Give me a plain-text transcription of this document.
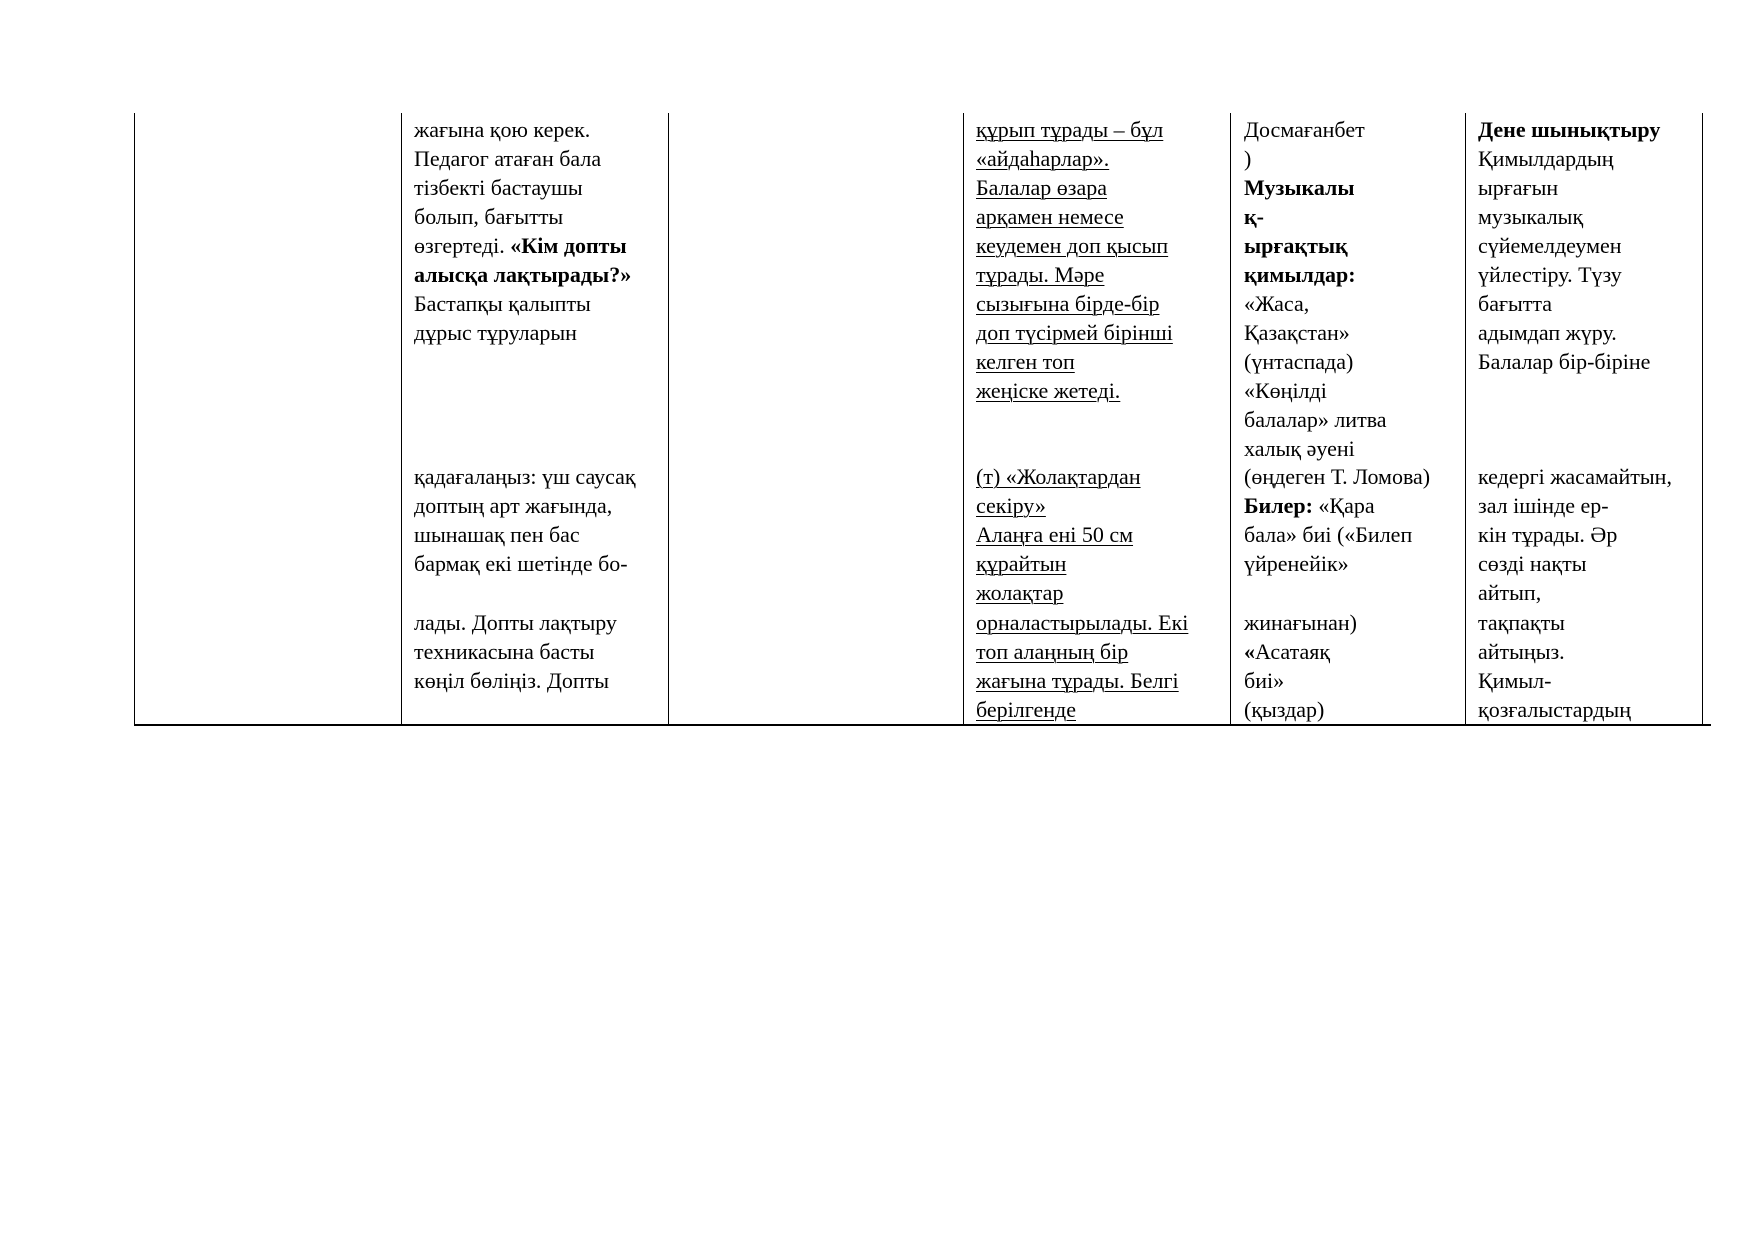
жағына қою керек.
Педагог атаған бала
тізбекті бастаушы
болып, бағытты
өзгертеді. «Кім допты
алысқа лақтырады?»
Бастапқы қалыпты
дұрыс тұруларын
қадағалаңыз: үш саусақ
доптың арт жағында,
шынашақ пен бас
бармақ екі шетінде бо-
лады. Допты лақтыру
техникасына басты
көңіл бөліңіз. Допты
құрып тұрады – бұл
«айдаһарлар».
Балалар өзара
арқамен немесе
кеудемен доп қысып
тұрады. Мәре
сызығына бірде-бір
доп түсірмей бірінші
келген топ
жеңіске жетеді.
(т) «Жолақтардан
секіру»
Алаңға ені 50 см
құрайтын
жолақтар
орналастырылады. Екі
топ алаңның бір
жағына тұрады. Белгі
берілгенде
Досмағанбет
)
Музыкалы
қ-
ырғақтық
қимылдар:
«Жаса,
Қазақстан»
(үнтаспада)
«Көңілді
балалар» литва
халық әуені
(өңдеген Т. Ломова)
Билер: «Қара
бала» биі («Билеп
үйренейік»
жинағынан)
«Асатаяқ
биі»
(қыздар)
Дене шынықтыру
Қимылдардың
ырғағын
музыкалық
сүйемелдеумен
үйлестіру. Түзу
бағытта
адымдап жүру.
Балалар бір-біріне
кедергі жасамайтын,
зал ішінде ер-
кін тұрады. Әр
сөзді нақты
айтып,
тақпақты
айтыңыз.
Қимыл-
қозғалыстардың
